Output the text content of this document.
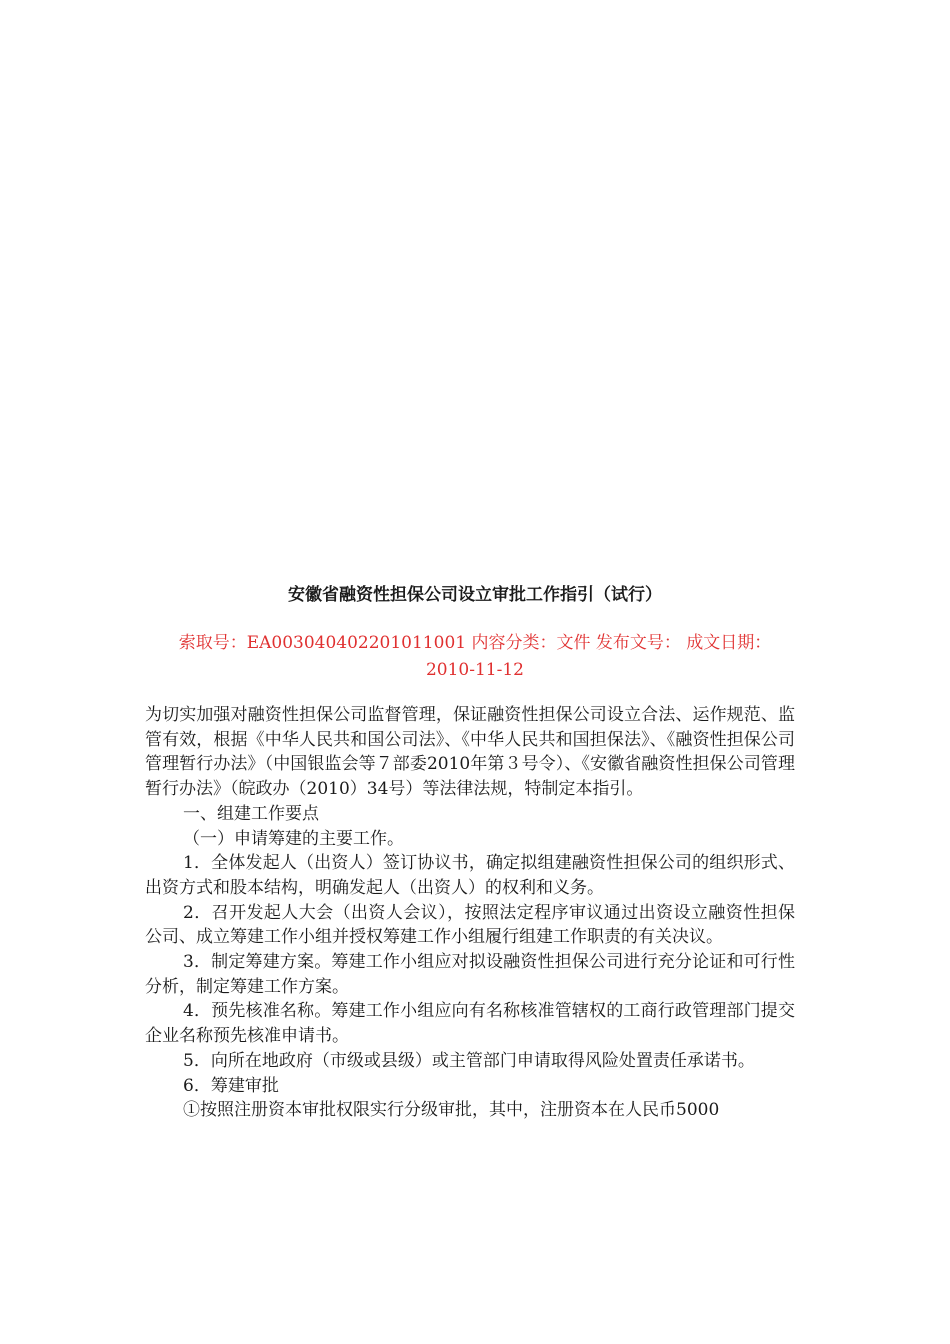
安徽省融资性担保公司设立审批工作指引（试行）
索取号：EA003040402201011001 内容分类：文件 发布文号： 成文日期：
2010-11-12

为切实加强对融资性担保公司监督管理，保证融资性担保公司设立合法、运作规范、监管有效，根据《中华人民共和国公司法》、《中华人民共和国担保法》、《融资性担保公司管理暂行办法》（中国银监会等７部委2010年第３号令）、《安徽省融资性担保公司管理暂行办法》（皖政办（2010）34号）等法律法规，特制定本指引。

一、组建工作要点

（一）申请筹建的主要工作。

1．全体发起人（出资人）签订协议书，确定拟组建融资性担保公司的组织形式、出资方式和股本结构，明确发起人（出资人）的权利和义务。

2．召开发起人大会（出资人会议），按照法定程序审议通过出资设立融资性担保公司、成立筹建工作小组并授权筹建工作小组履行组建工作职责的有关决议。

3．制定筹建方案。筹建工作小组应对拟设融资性担保公司进行充分论证和可行性分析，制定筹建工作方案。

4．预先核准名称。筹建工作小组应向有名称核准管辖权的工商行政管理部门提交企业名称预先核准申请书。

5．向所在地政府（市级或县级）或主管部门申请取得风险处置责任承诺书。

6．筹建审批

①按照注册资本审批权限实行分级审批，其中，注册资本在人民币5000
